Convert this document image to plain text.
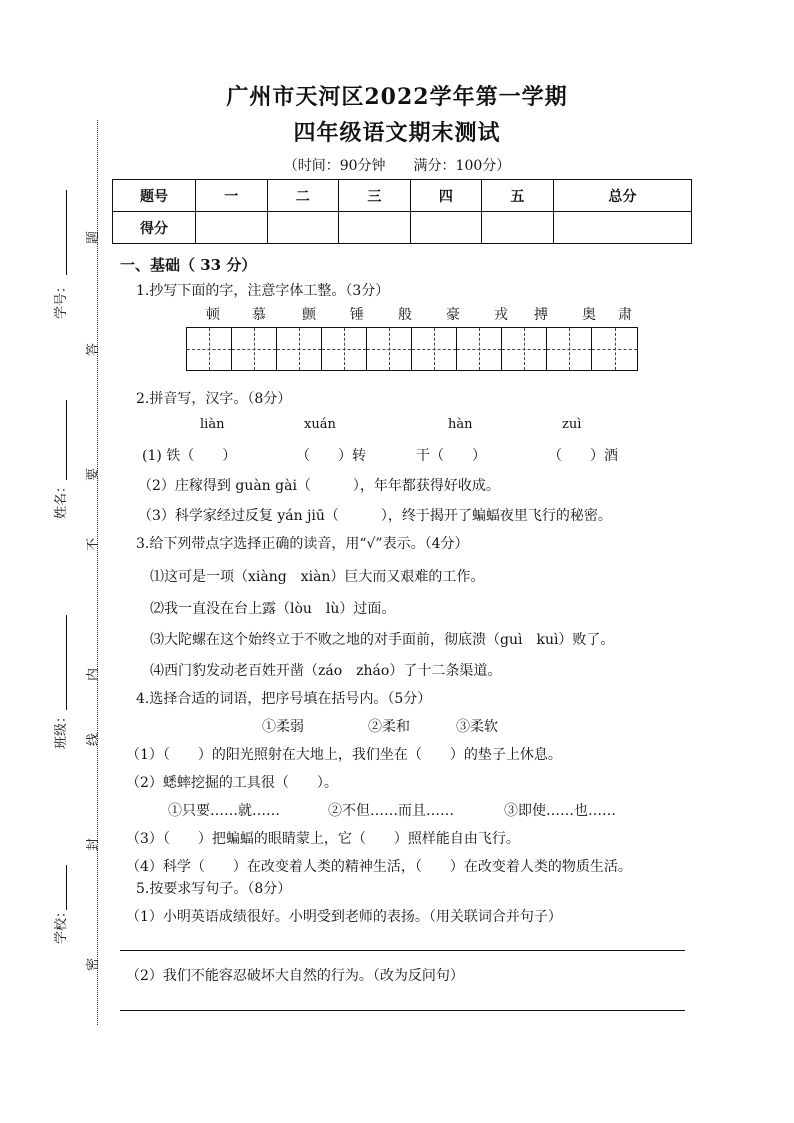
学号：
姓名：
班级：
学校：
题
答
要
不
内
线
封
密
广州市天河区2022学年第一学期
四年级语文期末测试
（时间：90分钟　　满分：100分）
题号	一	二	三	四	五	总分
得分						
一、基础（ 33 分）
1.抄写下面的字，注意字体工整。（3分）
顿 慕	颤 锤 般 豪 戎 搏 奥 肃
2.拼音写，汉字。（8分）
liàn	xuán	hàn	zuì
(1) 铁（　　）	（　　）转	干（　　）	（　　）酒
（2）庄稼得到 guàn gài（　　　），年年都获得好收成。
（3）科学家经过反复 yán jiū（　　　），终于揭开了蝙蝠夜里飞行的秘密。
3.给下列带点字选择正确的读音，用“√”表示。（4分）
⑴这可是一项（xiàng　xiàn）巨大而又艰难的工作。
⑵我一直没在台上露（lòu　lù）过面。
⑶大陀螺在这个始终立于不败之地的对手面前，彻底溃（guì　kuì）败了。
⑷西门豹发动老百姓开凿（záo　zháo）了十二条渠道。
4.选择合适的词语，把序号填在括号内。（5分）
①柔弱	②柔和	③柔软
（1）（　　）的阳光照射在大地上，我们坐在（　　）的垫子上休息。
（2）蟋蟀挖掘的工具很（　　）。
①只要……就……	②不但……而且……	③即使……也……
（3）（　　）把蝙蝠的眼睛蒙上，它（　　）照样能自由飞行。
（4）科学（　　）在改变着人类的精神生活，（　　）在改变着人类的物质生活。
5.按要求写句子。（8分）
（1）小明英语成绩很好。小明受到老师的表扬。（用关联词合并句子）
（2）我们不能容忍破坏大自然的行为。（改为反问句）
